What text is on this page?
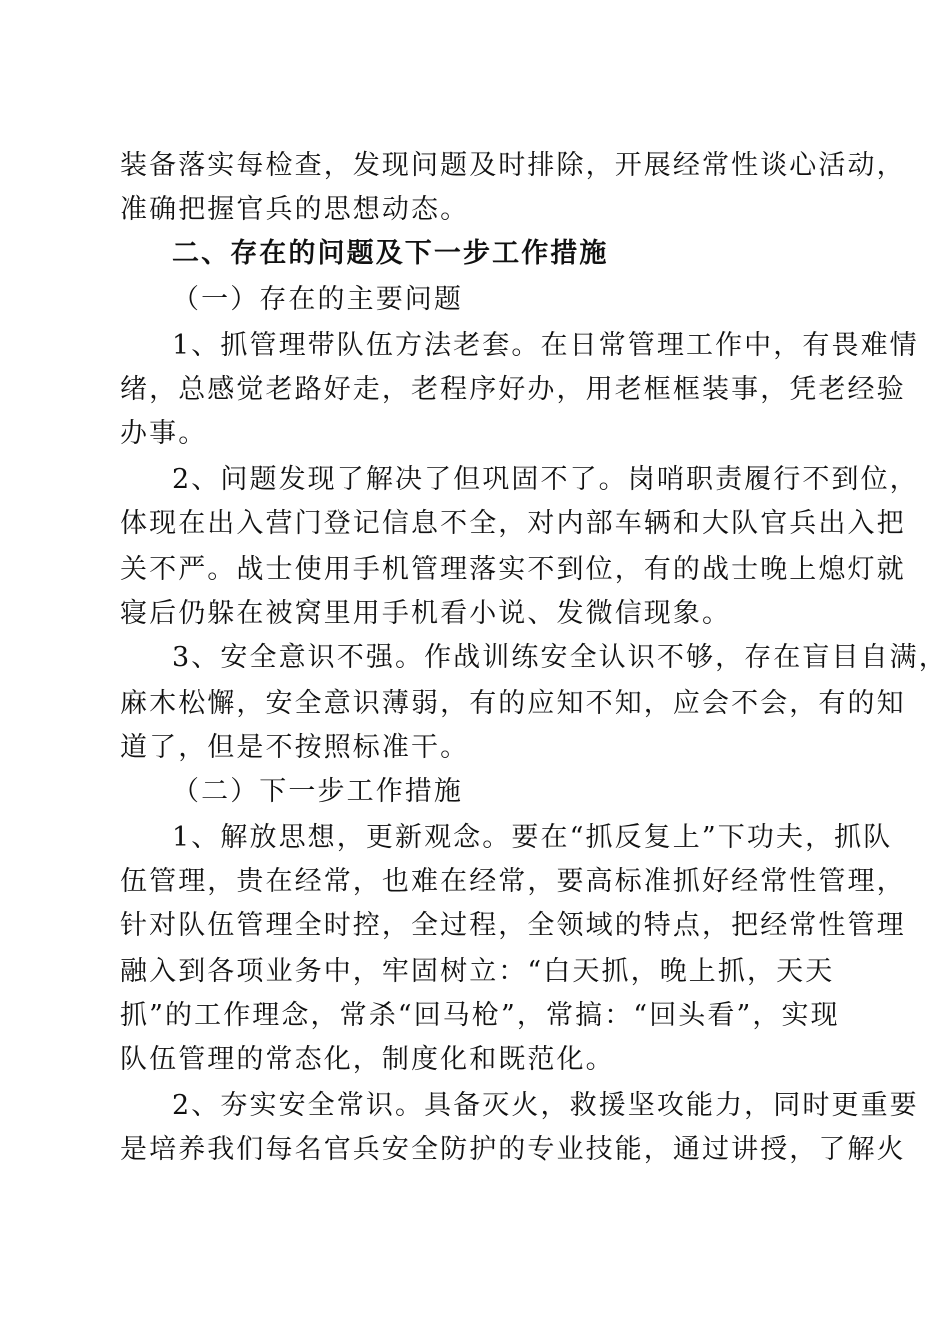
装备落实每检查，发现问题及时排除，开展经常性谈心活动，
准确把握官兵的思想动态。
二、存在的问题及下一步工作措施
（一）存在的主要问题
1、抓管理带队伍方法老套。在日常管理工作中，有畏难情
绪，总感觉老路好走，老程序好办，用老框框装事，凭老经验
办事。
2、问题发现了解决了但巩固不了。岗哨职责履行不到位，
体现在出入营门登记信息不全，对内部车辆和大队官兵出入把
关不严。战士使用手机管理落实不到位，有的战士晚上熄灯就
寝后仍躲在被窝里用手机看小说、发微信现象。
3、安全意识不强。作战训练安全认识不够，存在盲目自满，
麻木松懈，安全意识薄弱，有的应知不知，应会不会，有的知
道了，但是不按照标准干。
（二）下一步工作措施
1、解放思想，更新观念。要在“抓反复上”下功夫，抓队
伍管理，贵在经常，也难在经常，要高标准抓好经常性管理，
针对队伍管理全时控，全过程，全领域的特点，把经常性管理
融入到各项业务中，牢固树立：“白天抓，晚上抓，天天
抓”的工作理念，常杀“回马枪”，常搞：“回头看”，实现
队伍管理的常态化，制度化和既范化。
2、夯实安全常识。具备灭火，救援坚攻能力，同时更重要
是培养我们每名官兵安全防护的专业技能，通过讲授，了解火
